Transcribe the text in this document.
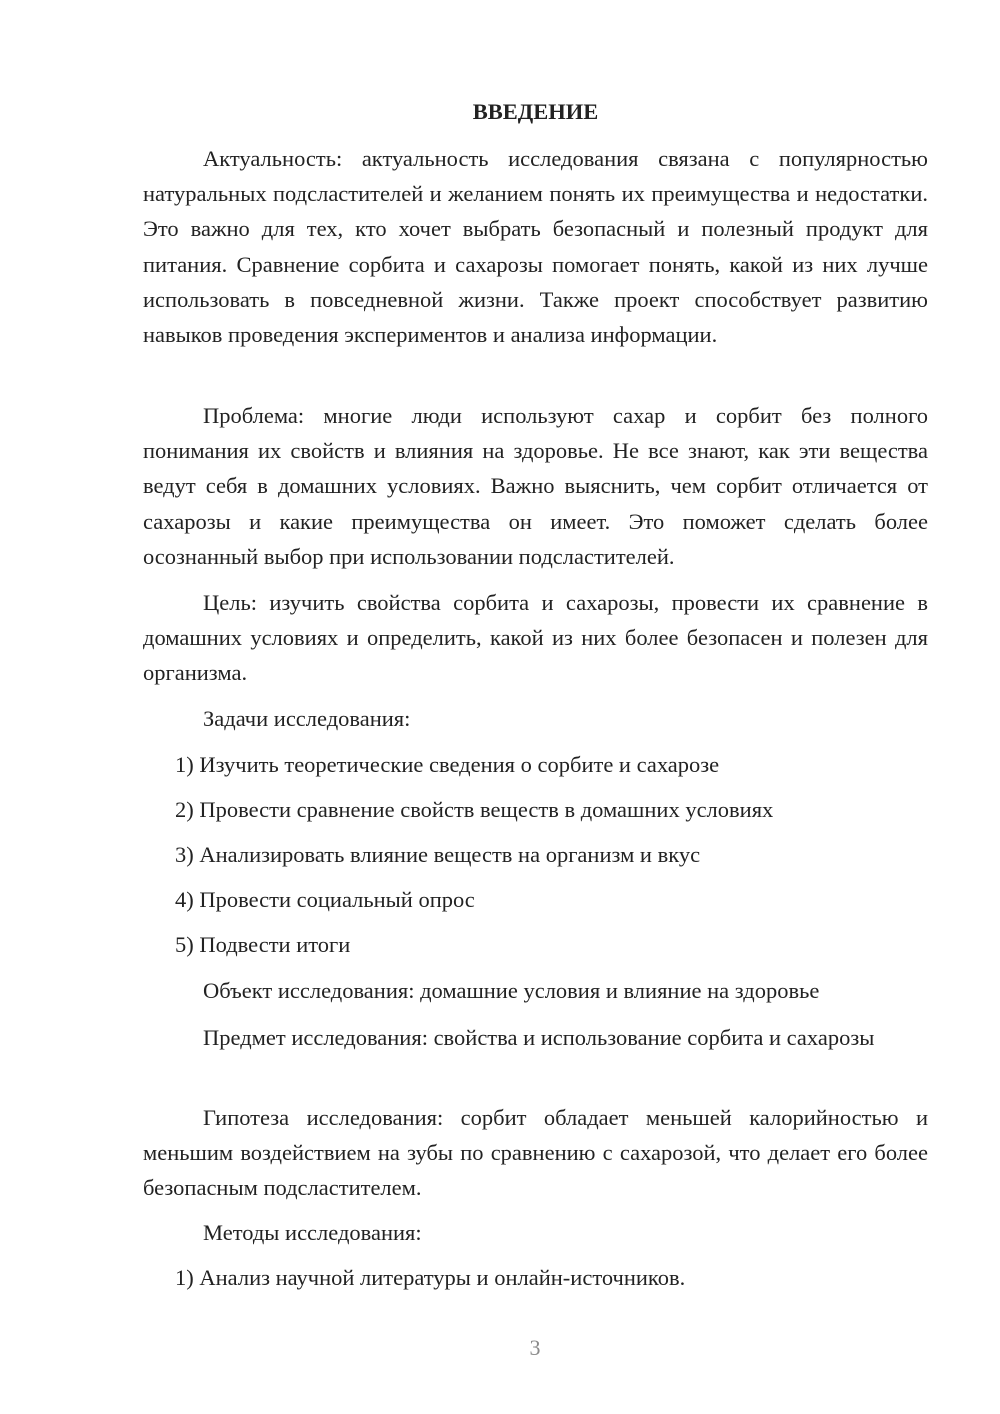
ВВЕДЕНИЕ

Актуальность: актуальность исследования связана с популярностью натуральных подсластителей и желанием понять их преимущества и недостатки. Это важно для тех, кто хочет выбрать безопасный и полезный продукт для питания. Сравнение сорбита и сахарозы помогает понять, какой из них лучше использовать в повседневной жизни. Также проект способствует развитию навыков проведения экспериментов и анализа информации.

Проблема: многие люди используют сахар и сорбит без полного понимания их свойств и влияния на здоровье. Не все знают, как эти вещества ведут себя в домашних условиях. Важно выяснить, чем сорбит отличается от сахарозы и какие преимущества он имеет. Это поможет сделать более осознанный выбор при использовании подсластителей.

Цель: изучить свойства сорбита и сахарозы, провести их сравнение в домашних условиях и определить, какой из них более безопасен и полезен для организма.

Задачи исследования:
1) Изучить теоретические сведения о сорбите и сахарозе
2) Провести сравнение свойств веществ в домашних условиях
3) Анализировать влияние веществ на организм и вкус
4) Провести социальный опрос
5) Подвести итоги
Объект исследования: домашние условия и влияние на здоровье

Предмет исследования: свойства и использование сорбита и сахарозы

Гипотеза исследования: сорбит обладает меньшей калорийностью и меньшим воздействием на зубы по сравнению с сахарозой, что делает его более безопасным подсластителем.

Методы исследования:
1) Анализ научной литературы и онлайн-источников.
3
